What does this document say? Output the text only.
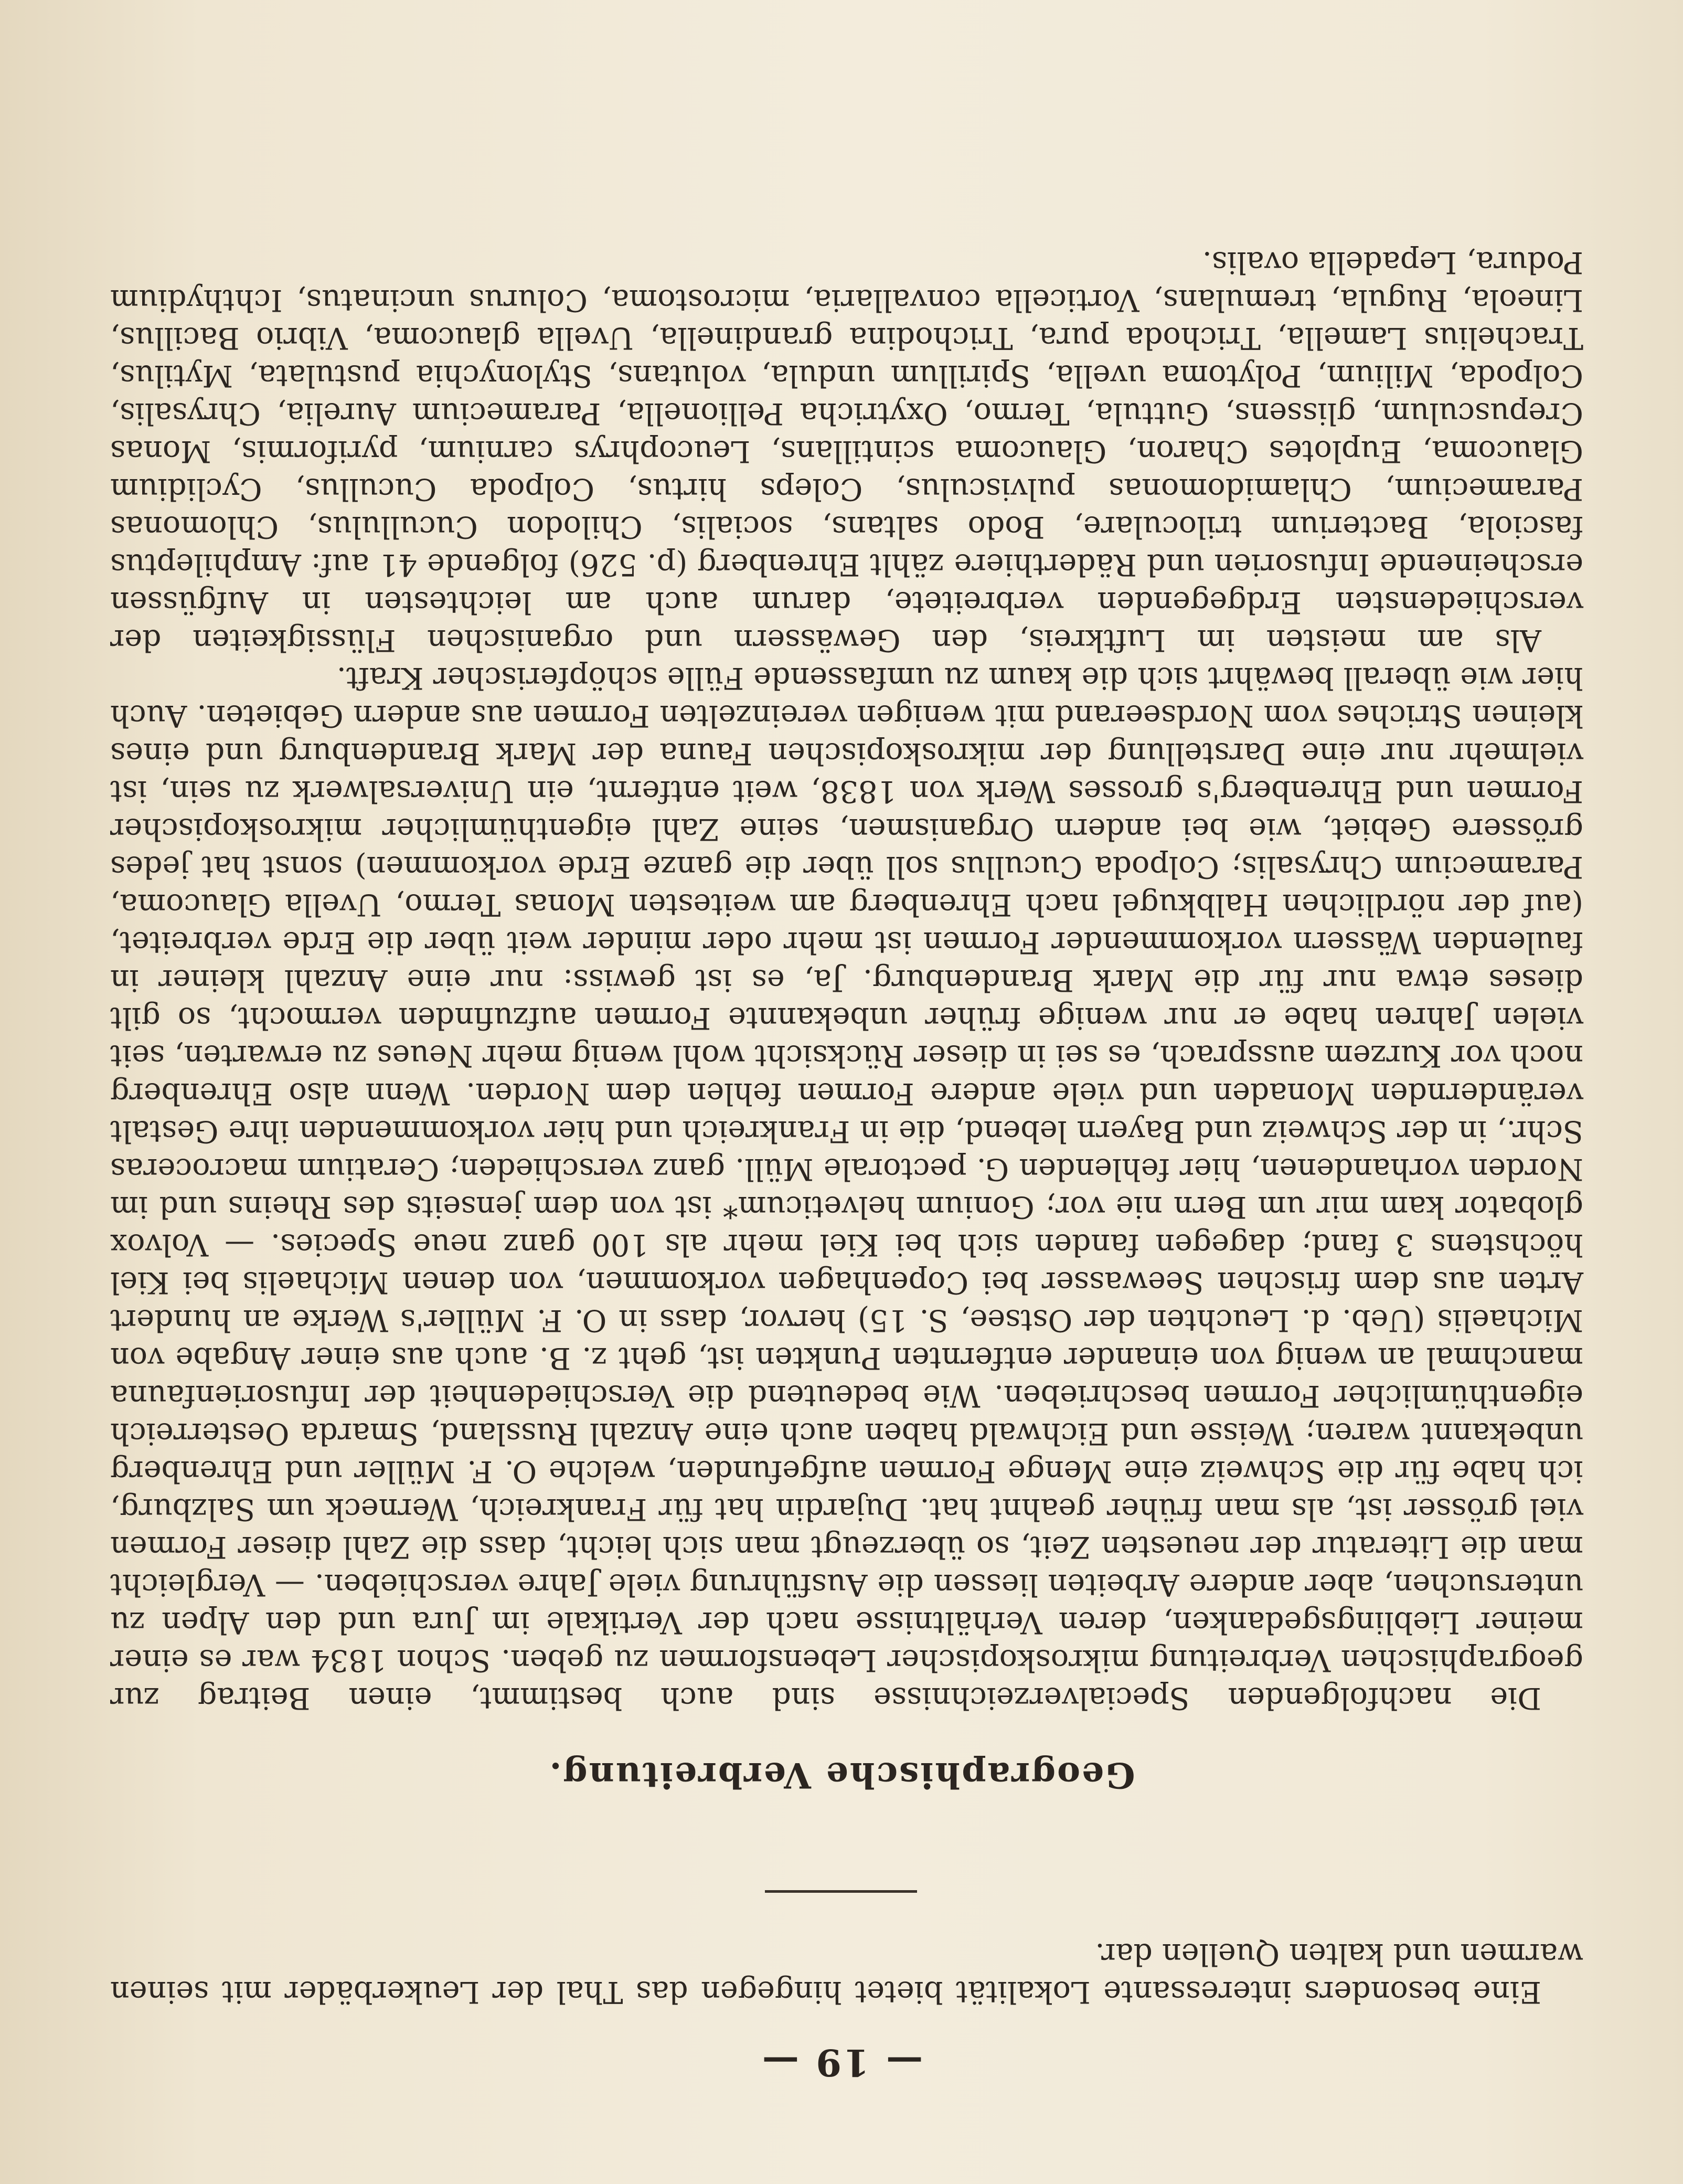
— 19 —

Eine besonders interessante Lokalität bietet hingegen das Thal der Leukerbäder mit seinen warmen und kalten Quellen dar.

Geographische Verbreitung.

Die nachfolgenden Specialverzeichnisse sind auch bestimmt, einen Beitrag zur geographischen Verbreitung mikroskopischer Lebensformen zu geben. Schon 1834 war es einer meiner Lieblingsgedanken, deren Verhältnisse nach der Vertikale im Jura und den Alpen zu untersuchen, aber andere Arbeiten liessen die Ausführung viele Jahre verschieben. — Vergleicht man die Literatur der neuesten Zeit, so überzeugt man sich leicht, dass die Zahl dieser Formen viel grösser ist, als man früher geahnt hat. Dujardin hat für Frankreich, Werneck um Salzburg, ich habe für die Schweiz eine Menge Formen aufgefunden, welche O. F. Müller und Ehrenberg unbekannt waren; Weisse und Eichwald haben auch eine Anzahl Russland, Smarda Oesterreich eigenthümlicher Formen beschrieben. Wie bedeutend die Verschiedenheit der Infusorienfauna manchmal an wenig von einander entfernten Punkten ist, geht z. B. auch aus einer Angabe von Michaelis (Ueb. d. Leuchten der Ostsee, S. 15) hervor, dass in O. F. Müller's Werke an hundert Arten aus dem frischen Seewasser bei Copenhagen vorkommen, von denen Michaelis bei Kiel höchstens 3 fand; dagegen fanden sich bei Kiel mehr als 100 ganz neue Species. — Volvox globator kam mir um Bern nie vor; Gonium helveticum* ist von dem jenseits des Rheins und im Norden vorhandenen, hier fehlenden G. pectorale Müll. ganz verschieden; Ceratium macroceras Schr., in der Schweiz und Bayern lebend, die in Frankreich und hier vorkommenden ihre Gestalt verändernden Monaden und viele andere Formen fehlen dem Norden. Wenn also Ehrenberg noch vor Kurzem aussprach, es sei in dieser Rücksicht wohl wenig mehr Neues zu erwarten, seit vielen Jahren habe er nur wenige früher unbekannte Formen aufzufinden vermocht, so gilt dieses etwa nur für die Mark Brandenburg. Ja, es ist gewiss: nur eine Anzahl kleiner in faulenden Wässern vorkommender Formen ist mehr oder minder weit über die Erde verbreitet, (auf der nördlichen Halbkugel nach Ehrenberg am weitesten Monas Termo, Uvella Glaucoma, Paramecium Chrysalis; Colpoda Cucullus soll über die ganze Erde vorkommen) sonst hat jedes grössere Gebiet, wie bei andern Organismen, seine Zahl eigenthümlicher mikroskopischer Formen und Ehrenberg's grosses Werk von 1838, weit entfernt, ein Universalwerk zu sein, ist vielmehr nur eine Darstellung der mikroskopischen Fauna der Mark Brandenburg und eines kleinen Striches vom Nordseerand mit wenigen vereinzelten Formen aus andern Gebieten. Auch hier wie überall bewährt sich die kaum zu umfassende Fülle schöpferischer Kraft.

Als am meisten im Luftkreis, den Gewässern und organischen Flüssigkeiten der verschiedensten Erdgegenden verbreitete, darum auch am leichtesten in Aufgüssen erscheinende Infusorien und Räderthiere zählt Ehrenberg (p. 526) folgende 41 auf: Amphileptus fasciola, Bacterium triloculare, Bodo saltans, socialis, Chilodon Cucullulus, Chlomonas Paramecium, Chlamidomonas pulvisculus, Coleps hirtus, Colpoda Cucullus, Cyclidium Glaucoma, Euplotes Charon, Glaucoma scintillans, Leucophrys carnium, pyriformis, Monas Crepusculum, glissens, Guttula, Termo, Oxytricha Pellionella, Paramecium Aurelia, Chrysalis, Colpoda, Milium, Polytoma uvella, Spirillum undula, volutans, Stylonychia pustulata, Mytilus, Trachelius Lamella, Trichoda pura, Trichodina grandinella, Uvella glaucoma, Vibrio Bacillus, Lineola, Rugula, tremulans, Vorticella convallaria, microstoma, Colurus uncinatus, Ichthydium Podura, Lepadella ovalis.
